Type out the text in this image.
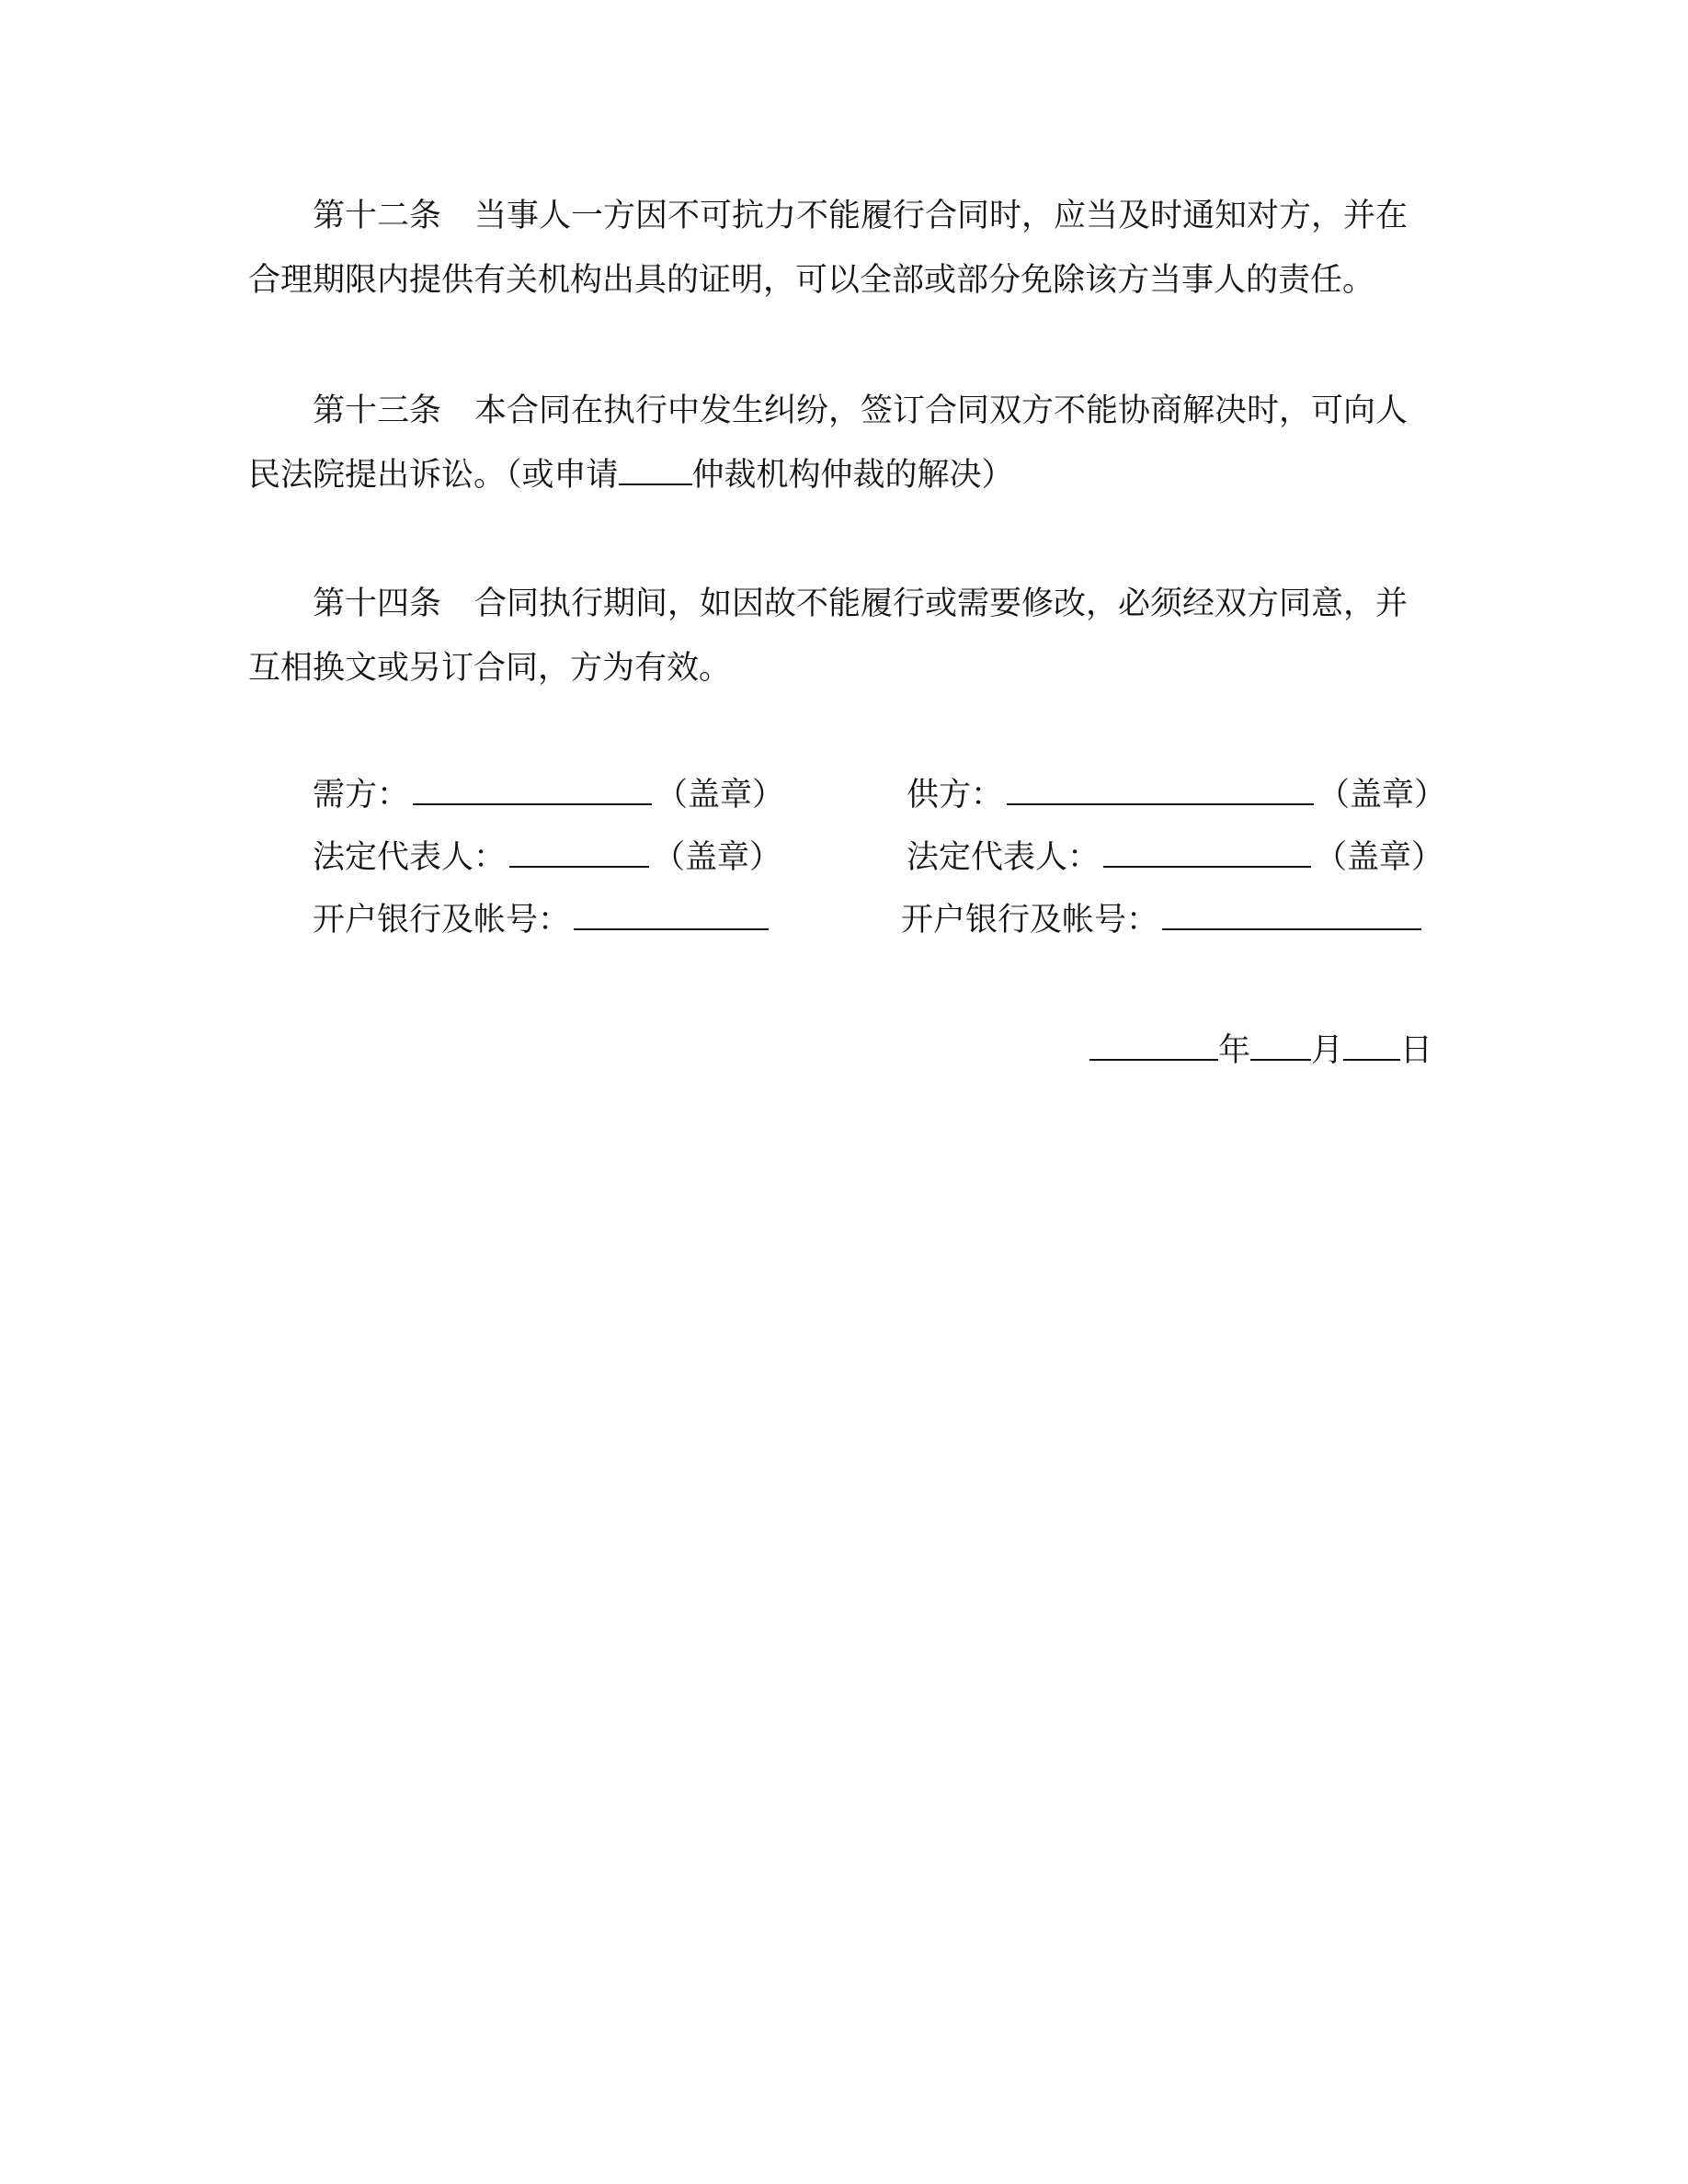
第十二条 当事人一方因不可抗力不能履行合同时，应当及时通知对方，并在
合理期限内提供有关机构出具的证明，可以全部或部分免除该方当事人的责任。
第十三条 本合同在执行中发生纠纷，签订合同双方不能协商解决时，可向人
民法院提出诉讼。（或申请 仲裁机构仲裁的解决）
第十四条 合同执行期间，如因故不能履行或需要修改，必须经双方同意，并
互相换文或另订合同，方为有效。
需方：	（盖章）
法定代表人：	（盖章）
开户银行及帐号：
供方：	（盖章）
法定代表人：	（盖章）
开户银行及帐号：
年 月 日
